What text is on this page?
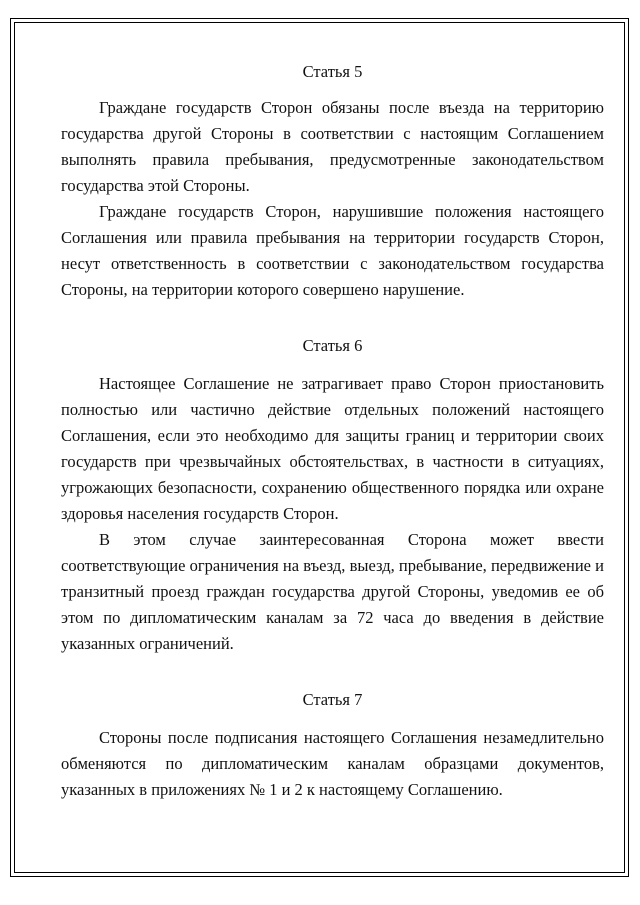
Статья 5

Граждане государств Сторон обязаны после въезда на территорию государства другой Стороны в соответствии с настоящим Соглашением выполнять правила пребывания, предусмотренные законодательством государства этой Стороны.

Граждане государств Сторон, нарушившие положения настоящего Соглашения или правила пребывания на территории государств Сторон, несут ответственность в соответствии с законодательством государства Стороны, на территории которого совершено нарушение.

Статья 6

Настоящее Соглашение не затрагивает право Сторон приостановить полностью или частично действие отдельных положений настоящего Соглашения, если это необходимо для защиты границ и территории своих государств при чрезвычайных обстоятельствах, в частности в ситуациях, угрожающих безопасности, сохранению общественного порядка или охране здоровья населения государств Сторон.

В этом случае заинтересованная Сторона может ввести соответствующие ограничения на въезд, выезд, пребывание, передвижение и транзитный проезд граждан государства другой Стороны, уведомив ее об этом по дипломатическим каналам за 72 часа до введения в действие указанных ограничений.

Статья 7

Стороны после подписания настоящего Соглашения незамедлительно обменяются по дипломатическим каналам образцами документов, указанных в приложениях № 1 и 2 к настоящему Соглашению.
